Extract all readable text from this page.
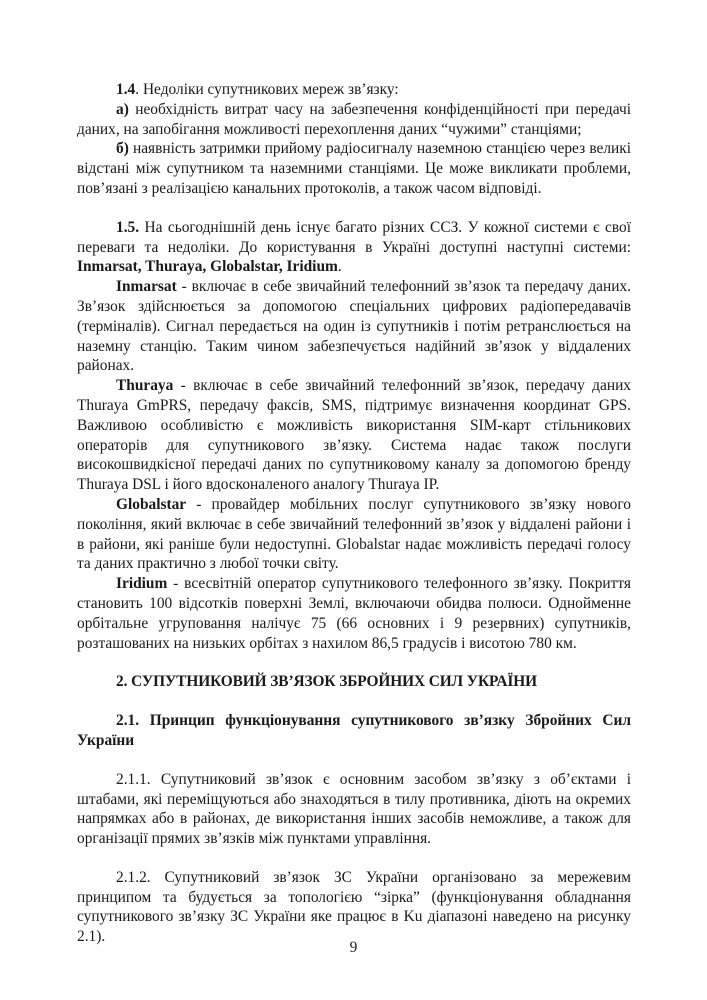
1.4. Недоліки супутникових мереж зв’язку:

а) необхідність витрат часу на забезпечення конфіденційності при передачі даних, на запобігання можливості перехоплення даних “чужими” станціями;

б) наявність затримки прийому радіосигналу наземною станцією через великі відстані між супутником та наземними станціями. Це може викликати проблеми, пов’язані з реалізацією канальних протоколів, а також часом відповіді.

1.5. На сьогоднішній день існує багато різних ССЗ. У кожної системи є свої переваги та недоліки. До користування в Україні доступні наступні системи: Inmarsat, Thuraya, Globalstar, Iridium.

Inmarsat - включає в себе звичайний телефонний зв’язок та передачу даних. Зв’язок здійснюється за допомогою спеціальних цифрових радіопередавачів (терміналів). Сигнал передається на один із супутників і потім ретранслюється на наземну станцію. Таким чином забезпечується надійний зв’язок у віддалених районах.

Thuraya - включає в себе звичайний телефонний зв’язок, передачу даних Thuraya GmPRS, передачу факсів, SMS, підтримує визначення координат GPS. Важливою особливістю є можливість використання SIM-карт стільникових операторів для супутникового зв’язку. Система надає також послуги високошвидкісної передачі даних по супутниковому каналу за допомогою бренду Thuraya DSL і його вдосконаленого аналогу Thuraya IP.

Globalstar - провайдер мобільних послуг супутникового зв’язку нового покоління, який включає в себе звичайний телефонний зв’язок у віддалені райони і в райони, які раніше були недоступні. Globalstar надає можливість передачі голосу та даних практично з любої точки світу.

Iridium - всесвітній оператор супутникового телефонного зв’язку. Покриття становить 100 відсотків поверхні Землі, включаючи обидва полюси. Однойменне орбітальне угруповання налічує 75 (66 основних і 9 резервних) супутників, розташованих на низьких орбітах з нахилом 86,5 градусів і висотою 780 км.

2. СУПУТНИКОВИЙ ЗВ’ЯЗОК ЗБРОЙНИХ СИЛ УКРАЇНИ
2.1. Принцип функціонування супутникового зв’язку Збройних Сил України

2.1.1. Супутниковий зв’язок є основним засобом зв’язку з об’єктами і штабами, які переміщуються або знаходяться в тилу противника, діють на окремих напрямках або в районах, де використання інших засобів неможливе, а також для організації прямих зв’язків між пунктами управління.

2.1.2. Супутниковий зв’язок ЗС України організовано за мережевим принципом та будується за топологією “зірка” (функціонування обладнання супутникового зв’язку ЗС України яке працює в Ku діапазоні наведено на рисунку 2.1).

9
